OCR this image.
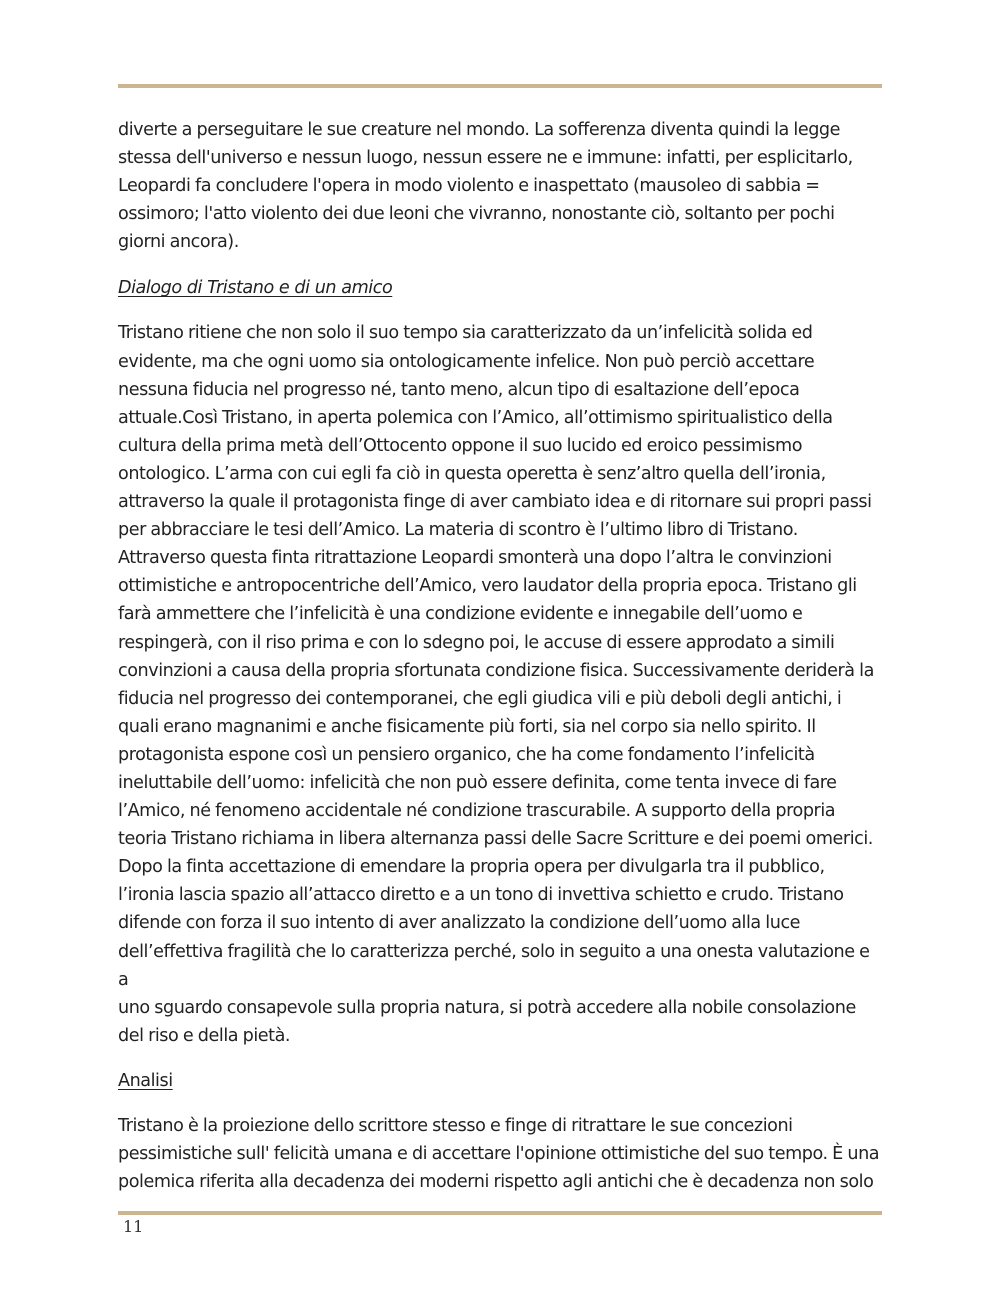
diverte a perseguitare le sue creature nel mondo. La sofferenza diventa quindi la legge
stessa dell'universo e nessun luogo, nessun essere ne e immune: infatti, per esplicitarlo,
Leopardi fa concludere l'opera in modo violento e inaspettato (mausoleo di sabbia =
ossimoro; l'atto violento dei due leoni che vivranno, nonostante ciò, soltanto per pochi
giorni ancora).

Dialogo di Tristano e di un amico

Tristano ritiene che non solo il suo tempo sia caratterizzato da un’infelicità solida ed
evidente, ma che ogni uomo sia ontologicamente infelice. Non può perciò accettare
nessuna fiducia nel progresso né, tanto meno, alcun tipo di esaltazione dell’epoca
attuale.Così Tristano, in aperta polemica con l’Amico, all’ottimismo spiritualistico della
cultura della prima metà dell’Ottocento oppone il suo lucido ed eroico pessimismo
ontologico. L’arma con cui egli fa ciò in questa operetta è senz’altro quella dell’ironia,
attraverso la quale il protagonista finge di aver cambiato idea e di ritornare sui propri passi
per abbracciare le tesi dell’Amico. La materia di scontro è l’ultimo libro di Tristano.
Attraverso questa finta ritrattazione Leopardi smonterà una dopo l’altra le convinzioni
ottimistiche e antropocentriche dell’Amico, vero laudator della propria epoca. Tristano gli
farà ammettere che l’infelicità è una condizione evidente e innegabile dell’uomo e
respingerà, con il riso prima e con lo sdegno poi, le accuse di essere approdato a simili
convinzioni a causa della propria sfortunata condizione fisica. Successivamente deriderà la
fiducia nel progresso dei contemporanei, che egli giudica vili e più deboli degli antichi, i
quali erano magnanimi e anche fisicamente più forti, sia nel corpo sia nello spirito. Il
protagonista espone così un pensiero organico, che ha come fondamento l’infelicità
ineluttabile dell’uomo: infelicità che non può essere definita, come tenta invece di fare
l’Amico, né fenomeno accidentale né condizione trascurabile. A supporto della propria
teoria Tristano richiama in libera alternanza passi delle Sacre Scritture e dei poemi omerici.
Dopo la finta accettazione di emendare la propria opera per divulgarla tra il pubblico,
l’ironia lascia spazio all’attacco diretto e a un tono di invettiva schietto e crudo. Tristano
difende con forza il suo intento di aver analizzato la condizione dell’uomo alla luce
dell’effettiva fragilità che lo caratterizza perché, solo in seguito a una onesta valutazione e a
uno sguardo consapevole sulla propria natura, si potrà accedere alla nobile consolazione
del riso e della pietà.

Analisi

Tristano è la proiezione dello scrittore stesso e finge di ritrattare le sue concezioni
pessimistiche sull' felicità umana e di accettare l'opinione ottimistiche del suo tempo. È una
polemica riferita alla decadenza dei moderni rispetto agli antichi che è decadenza non solo

11
